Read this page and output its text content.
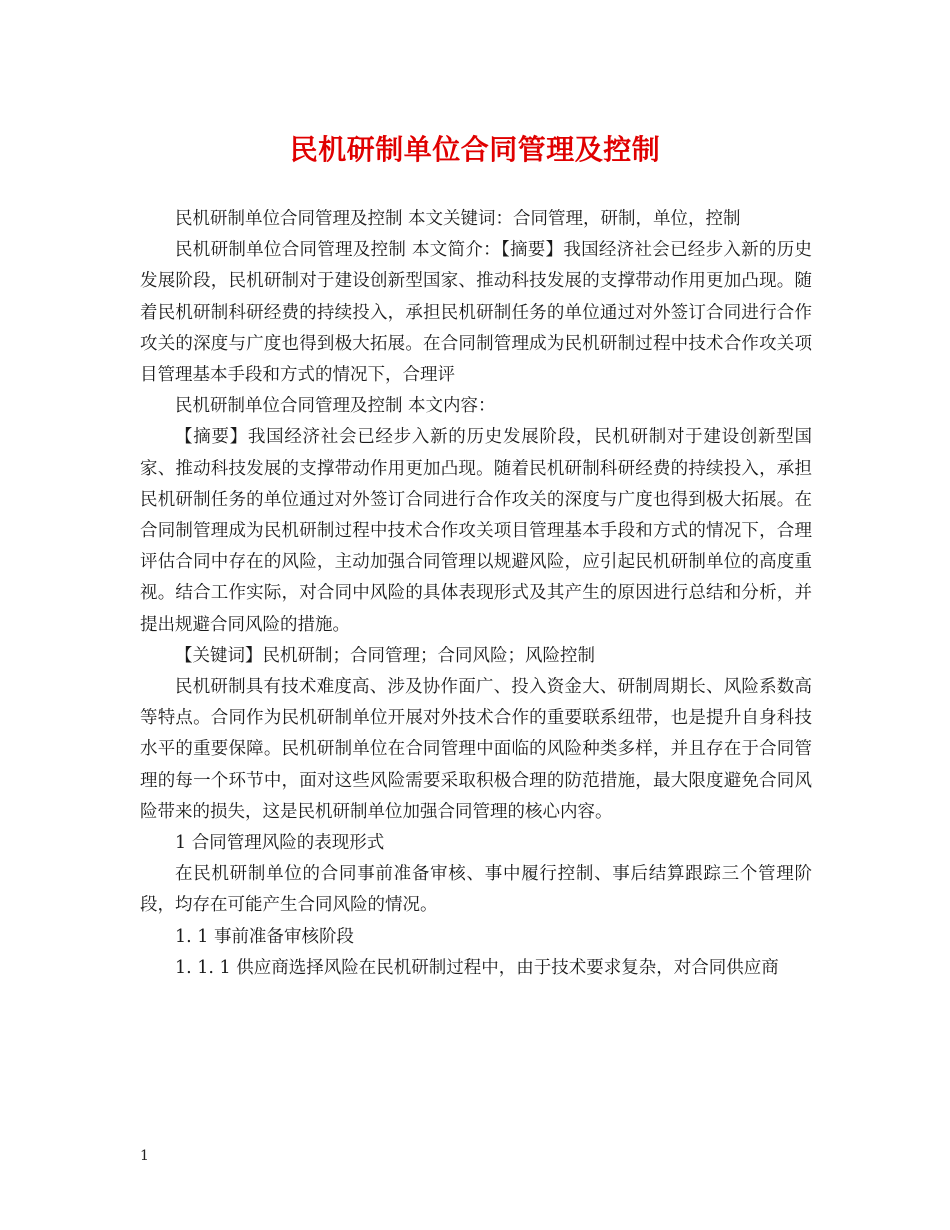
民机研制单位合同管理及控制

民机研制单位合同管理及控制 本文关键词：合同管理，研制，单位，控制

民机研制单位合同管理及控制 本文简介：【摘要】我国经济社会已经步入新的历史发展阶段，民机研制对于建设创新型国家、推动科技发展的支撑带动作用更加凸现。随着民机研制科研经费的持续投入，承担民机研制任务的单位通过对外签订合同进行合作攻关的深度与广度也得到极大拓展。在合同制管理成为民机研制过程中技术合作攻关项目管理基本手段和方式的情况下，合理评

民机研制单位合同管理及控制 本文内容：

【摘要】我国经济社会已经步入新的历史发展阶段，民机研制对于建设创新型国家、推动科技发展的支撑带动作用更加凸现。随着民机研制科研经费的持续投入，承担民机研制任务的单位通过对外签订合同进行合作攻关的深度与广度也得到极大拓展。在合同制管理成为民机研制过程中技术合作攻关项目管理基本手段和方式的情况下，合理评估合同中存在的风险，主动加强合同管理以规避风险，应引起民机研制单位的高度重视。结合工作实际，对合同中风险的具体表现形式及其产生的原因进行总结和分析，并提出规避合同风险的措施。

【关键词】民机研制；合同管理；合同风险；风险控制

民机研制具有技术难度高、涉及协作面广、投入资金大、研制周期长、风险系数高等特点。合同作为民机研制单位开展对外技术合作的重要联系纽带，也是提升自身科技水平的重要保障。民机研制单位在合同管理中面临的风险种类多样，并且存在于合同管理的每一个环节中，面对这些风险需要采取积极合理的防范措施，最大限度避免合同风险带来的损失，这是民机研制单位加强合同管理的核心内容。

1 合同管理风险的表现形式

在民机研制单位的合同事前准备审核、事中履行控制、事后结算跟踪三个管理阶段，均存在可能产生合同风险的情况。

1. 1 事前准备审核阶段

1. 1. 1 供应商选择风险在民机研制过程中，由于技术要求复杂，对合同供应商

1
